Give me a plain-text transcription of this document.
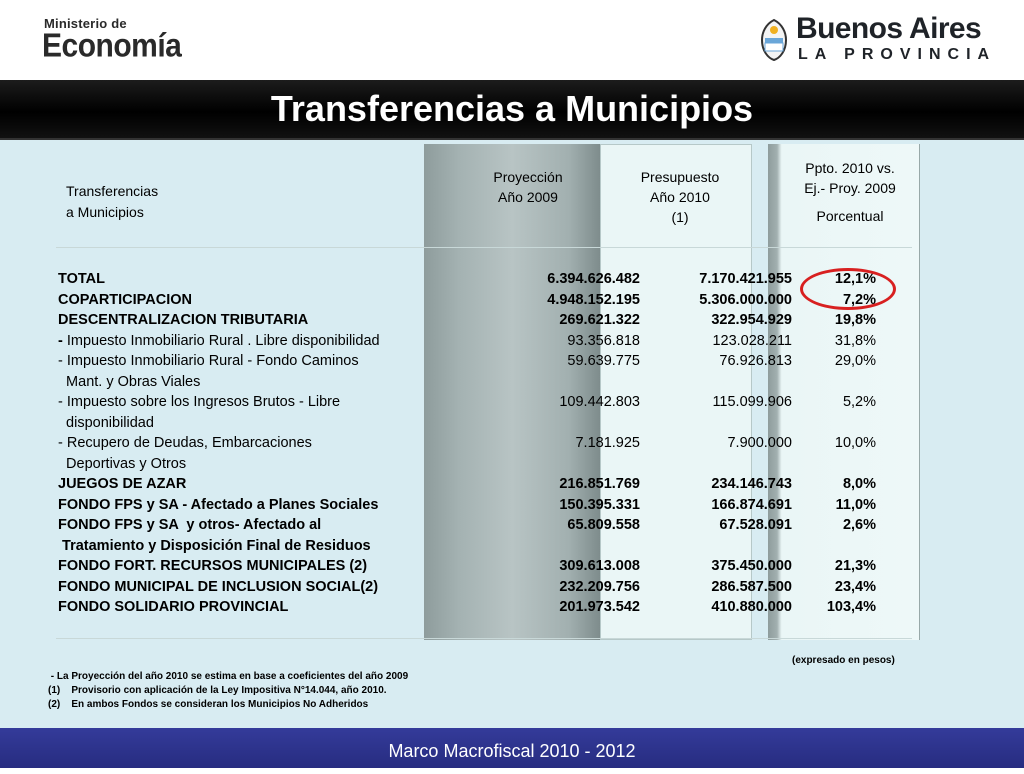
Ministerio de
Economía	Buenos Aires
LA PROVINCIA
Transferencias a Municipios
Transferencias
a Municipios
Proyección
Año 2009
Presupuesto
Año 2010
(1)
Ppto. 2010 vs.
Ej.- Proy. 2009
Porcentual
TOTAL	6.394.626.482	7.170.421.955	12,1%
COPARTICIPACION	4.948.152.195	5.306.000.000	7,2%
DESCENTRALIZACION TRIBUTARIA	269.621.322	322.954.929	19,8%
- Impuesto Inmobiliario Rural . Libre disponibilidad	93.356.818	123.028.211	31,8%
- Impuesto Inmobiliario Rural - Fondo Caminos	59.639.775	76.926.813	29,0%
Mant. y Obras Viales
- Impuesto sobre los Ingresos Brutos - Libre	109.442.803	115.099.906	5,2%
disponibilidad
- Recupero de Deudas, Embarcaciones	7.181.925	7.900.000	10,0%
Deportivas y Otros
JUEGOS DE AZAR	216.851.769	234.146.743	8,0%
FONDO FPS y SA - Afectado a Planes Sociales	150.395.331	166.874.691	11,0%
FONDO FPS y SA  y otros- Afectado al	65.809.558	67.528.091	2,6%
Tratamiento y Disposición Final de Residuos
FONDO FORT. RECURSOS MUNICIPALES (2)	309.613.008	375.450.000	21,3%
FONDO MUNICIPAL DE INCLUSION SOCIAL(2)	232.209.756	286.587.500	23,4%
FONDO SOLIDARIO PROVINCIAL	201.973.542	410.880.000 103,4%
(expresado en pesos)
- La Proyección del año 2010 se estima en base a coeficientes del año 2009
(1)    Provisorio con aplicación de la Ley Impositiva N°14.044, año 2010.
(2)    En ambos Fondos se consideran los Municipios No Adheridos
Marco Macrofiscal 2010 - 2012
